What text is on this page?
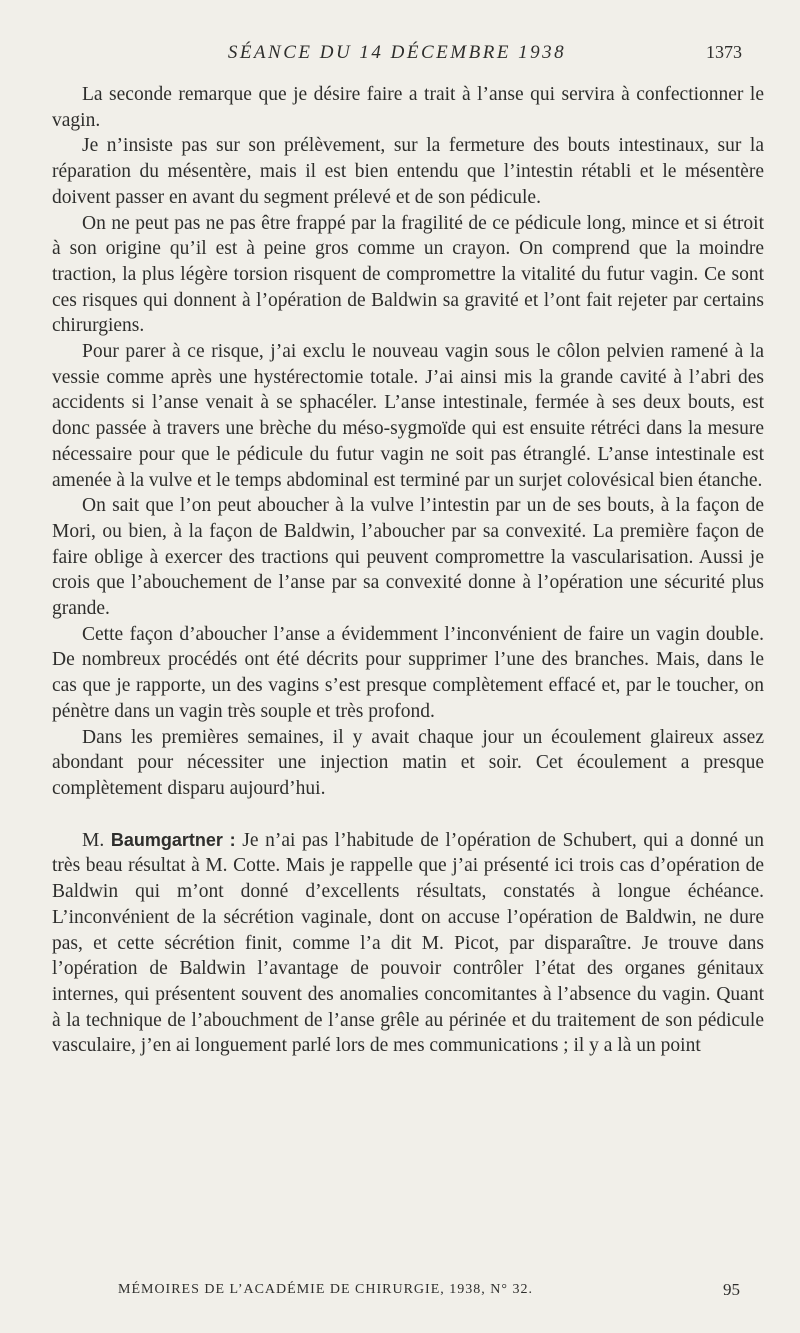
SÉANCE DU 14 DÉCEMBRE 1938	1373

La seconde remarque que je désire faire a trait à l’anse qui servira à confectionner le vagin.

Je n’insiste pas sur son prélèvement, sur la fermeture des bouts intestinaux, sur la réparation du mésentère, mais il est bien entendu que l’intestin rétabli et le mésentère doivent passer en avant du segment prélevé et de son pédicule.

On ne peut pas ne pas être frappé par la fragilité de ce pédicule long, mince et si étroit à son origine qu’il est à peine gros comme un crayon. On comprend que la moindre traction, la plus légère torsion risquent de compromettre la vitalité du futur vagin. Ce sont ces risques qui donnent à l’opération de Baldwin sa gravité et l’ont fait rejeter par certains chirurgiens.

Pour parer à ce risque, j’ai exclu le nouveau vagin sous le côlon pelvien ramené à la vessie comme après une hystérectomie totale. J’ai ainsi mis la grande cavité à l’abri des accidents si l’anse venait à se sphacéler. L’anse intestinale, fermée à ses deux bouts, est donc passée à travers une brèche du méso-sygmoïde qui est ensuite rétréci dans la mesure nécessaire pour que le pédicule du futur vagin ne soit pas étranglé. L’anse intestinale est amenée à la vulve et le temps abdominal est terminé par un surjet colovésical bien étanche.

On sait que l’on peut aboucher à la vulve l’intestin par un de ses bouts, à la façon de Mori, ou bien, à la façon de Baldwin, l’aboucher par sa convexité. La première façon de faire oblige à exercer des tractions qui peuvent compromettre la vascularisation. Aussi je crois que l’abouchement de l’anse par sa convexité donne à l’opération une sécurité plus grande.

Cette façon d’aboucher l’anse a évidemment l’inconvénient de faire un vagin double. De nombreux procédés ont été décrits pour supprimer l’une des branches. Mais, dans le cas que je rapporte, un des vagins s’est presque complètement effacé et, par le toucher, on pénètre dans un vagin très souple et très profond.

Dans les premières semaines, il y avait chaque jour un écoulement glaireux assez abondant pour nécessiter une injection matin et soir. Cet écoulement a presque complètement disparu aujourd’hui.

M. Baumgartner : Je n’ai pas l’habitude de l’opération de Schubert, qui a donné un très beau résultat à M. Cotte. Mais je rappelle que j’ai présenté ici trois cas d’opération de Baldwin qui m’ont donné d’excellents résultats, constatés à longue échéance. L’inconvénient de la sécrétion vaginale, dont on accuse l’opération de Baldwin, ne dure pas, et cette sécrétion finit, comme l’a dit M. Picot, par disparaître. Je trouve dans l’opération de Baldwin l’avantage de pouvoir contrôler l’état des organes génitaux internes, qui présentent souvent des anomalies concomitantes à l’absence du vagin. Quant à la technique de l’abouchment de l’anse grêle au périnée et du traitement de son pédicule vasculaire, j’en ai longuement parlé lors de mes communications ; il y a là un point

MÉMOIRES DE L’ACADÉMIE DE CHIRURGIE, 1938, N° 32.	95
